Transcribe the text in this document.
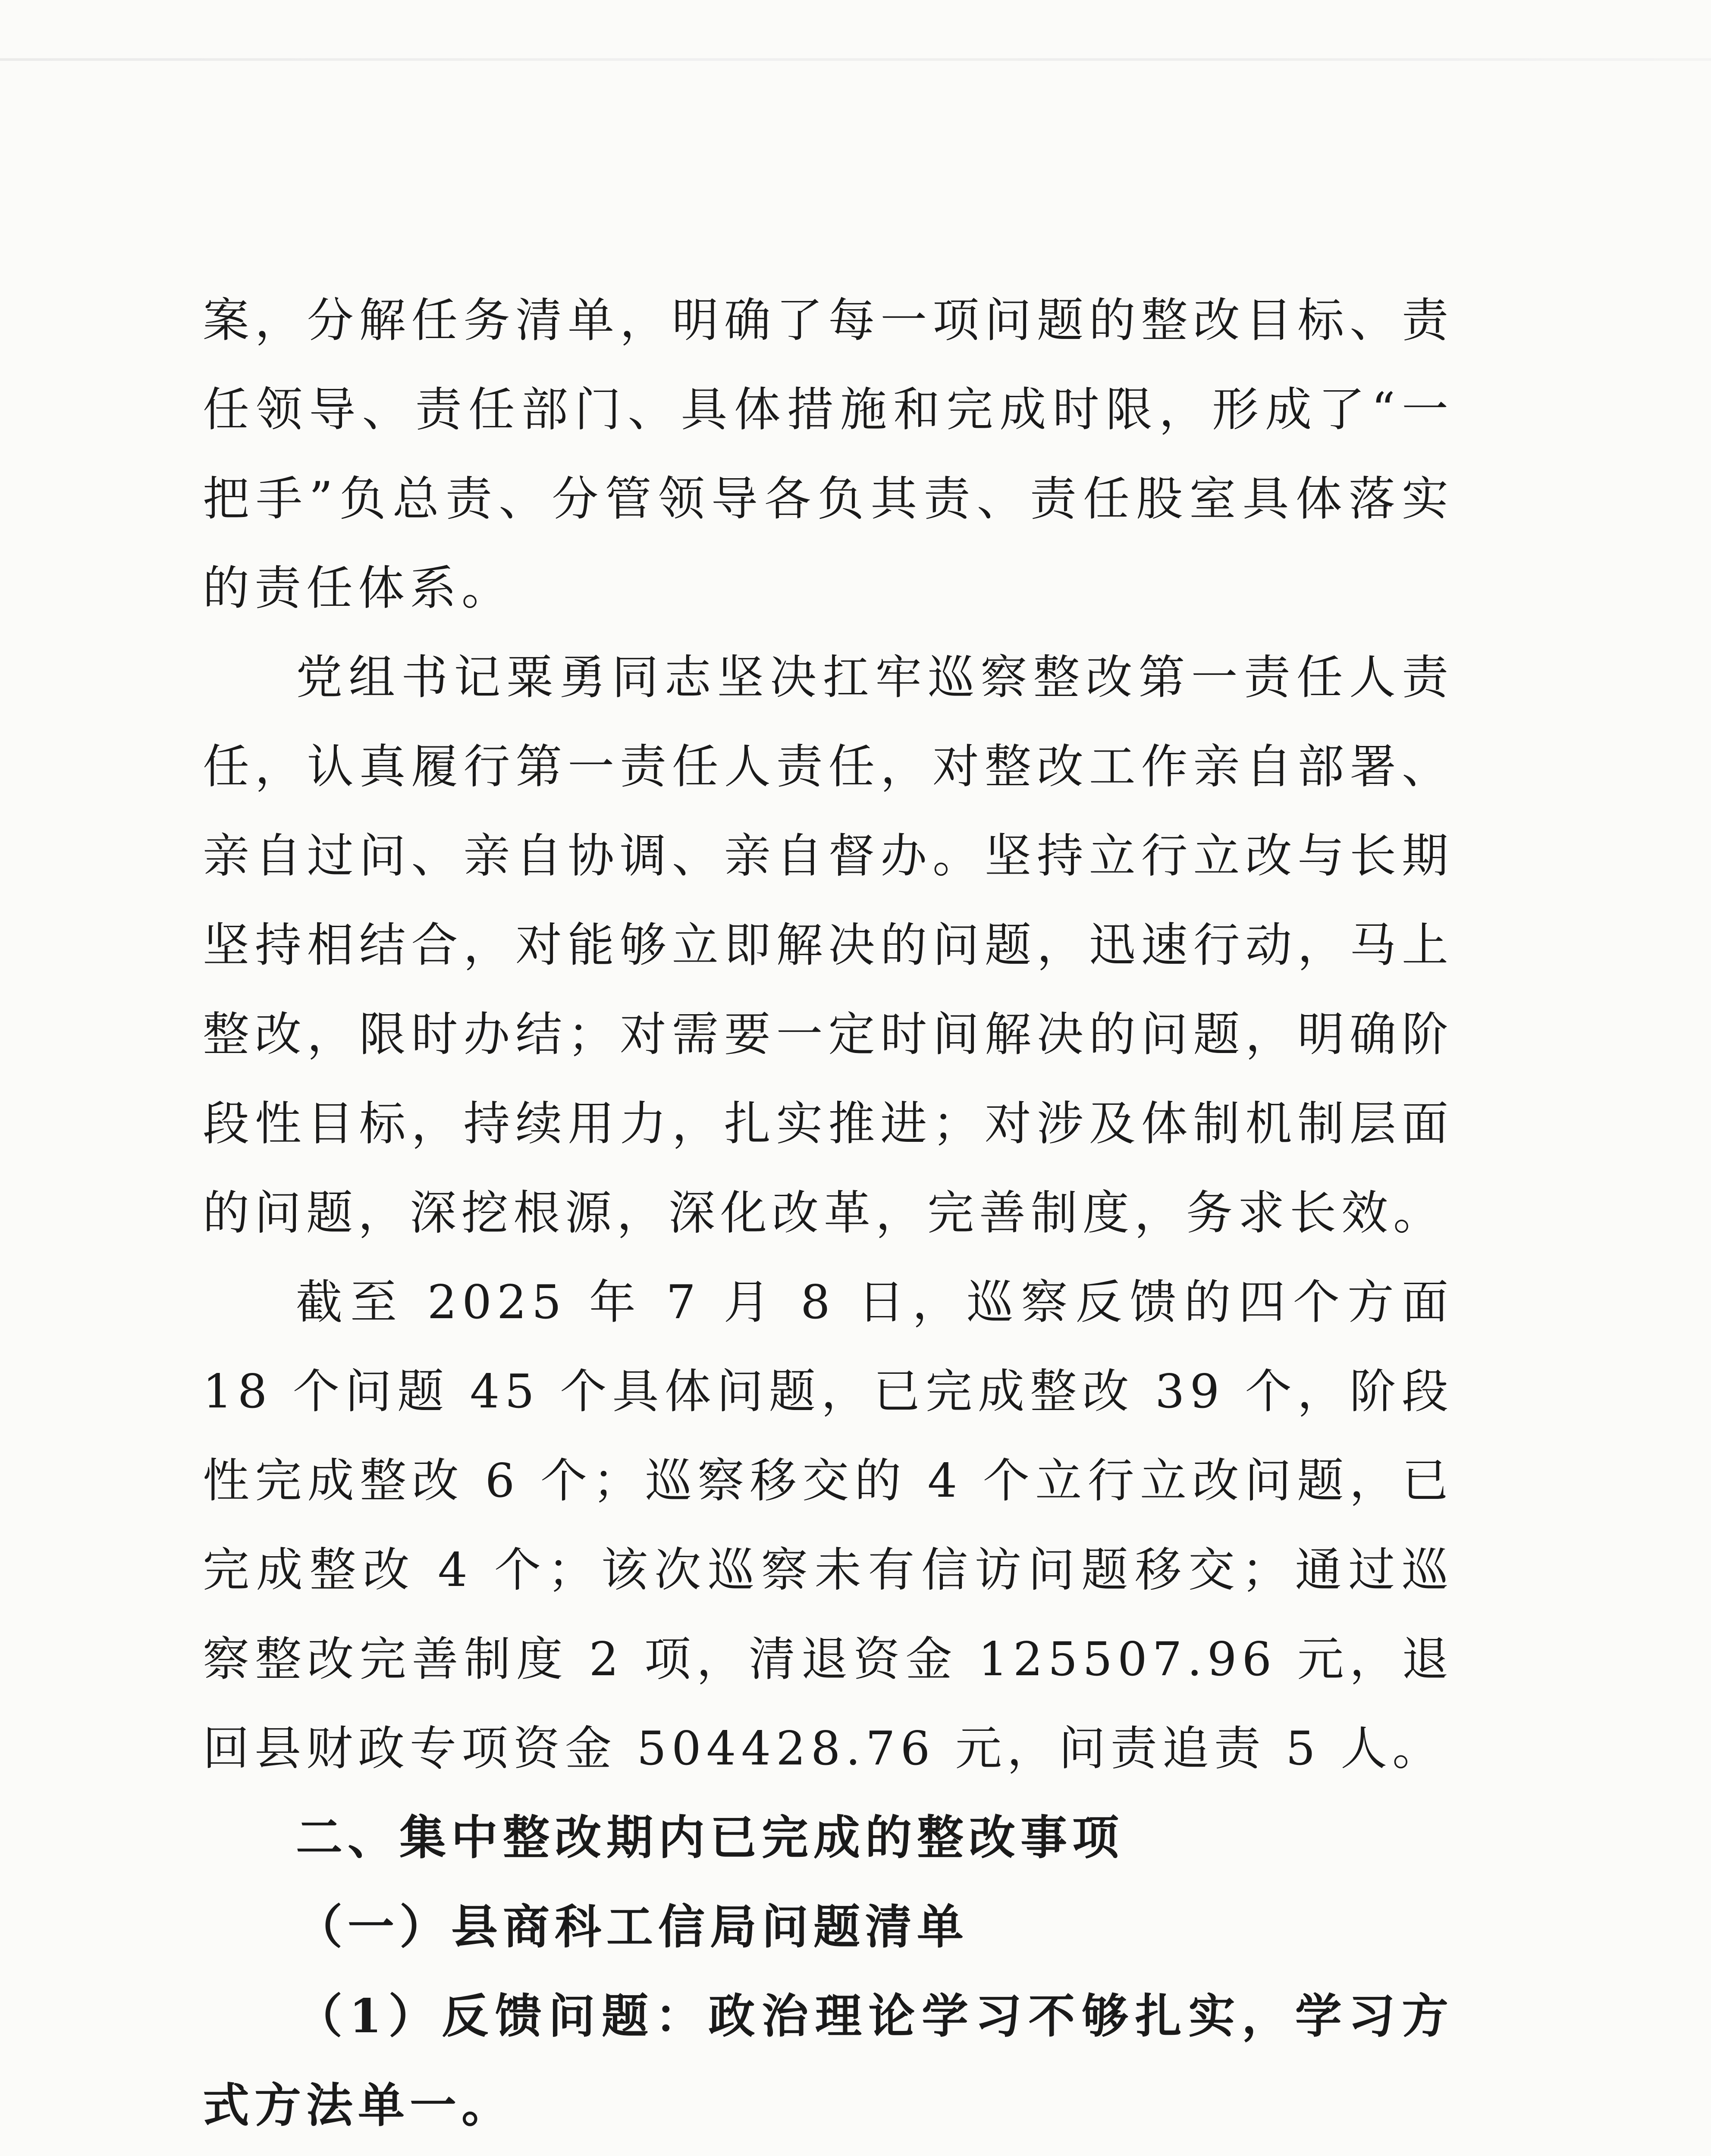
案，分解任务清单，明确了每一项问题的整改目标、责任领导、责任部门、具体措施和完成时限，形成了“一把手”负总责、分管领导各负其责、责任股室具体落实的责任体系。

党组书记粟勇同志坚决扛牢巡察整改第一责任人责任，认真履行第一责任人责任，对整改工作亲自部署、亲自过问、亲自协调、亲自督办。坚持立行立改与长期坚持相结合，对能够立即解决的问题，迅速行动，马上整改，限时办结；对需要一定时间解决的问题，明确阶段性目标，持续用力，扎实推进；对涉及体制机制层面的问题，深挖根源，深化改革，完善制度，务求长效。

截至 2025 年 7 月 8 日，巡察反馈的四个方面 18 个问题 45 个具体问题，已完成整改 39 个，阶段性完成整改 6 个；巡察移交的 4 个立行立改问题，已完成整改 4 个；该次巡察未有信访问题移交；通过巡察整改完善制度 2 项，清退资金 125507.96 元，退回县财政专项资金 504428.76 元，问责追责 5 人。

二、集中整改期内已完成的整改事项

（一）县商科工信局问题清单

（1）反馈问题：政治理论学习不够扎实，学习方式方法单一。
